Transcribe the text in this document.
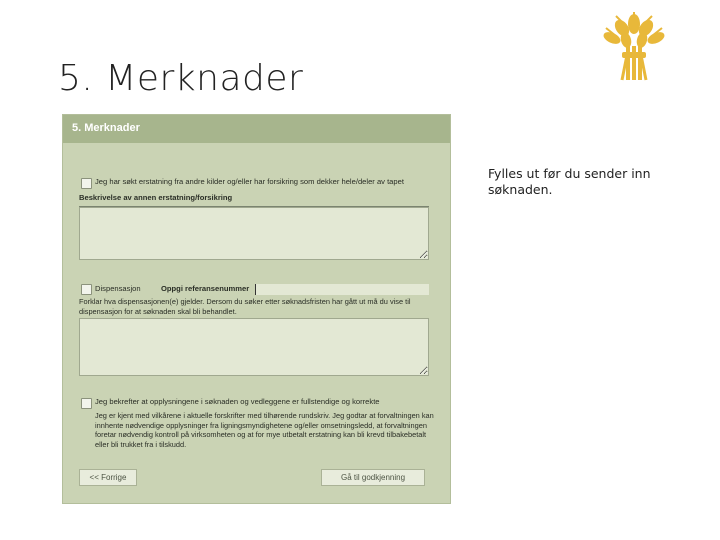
5. Merknader
Fylles ut før du sender inn søknaden.
5. Merknader
Jeg har søkt erstatning fra andre kilder og/eller har forsikring som dekker hele/deler av tapet
Beskrivelse av annen erstatning/forsikring
Dispensasjon	Oppgi referansenummer
Forklar hva dispensasjonen(e) gjelder. Dersom du søker etter søknadsfristen har gått ut må du vise til dispensasjon for at søknaden skal bli behandlet.
Jeg bekrefter at opplysningene i søknaden og vedleggene er fullstendige og korrekte
Jeg er kjent med vilkårene i aktuelle forskrifter med tilhørende rundskriv. Jeg godtar at forvaltningen kan innhente nødvendige opplysninger fra ligningsmyndighetene og/eller omsetningsledd, at forvaltningen foretar nødvendig kontroll på virksomheten og at for mye utbetalt erstatning kan bli krevd tilbakebetalt eller bli trukket fra i tilskudd.
<< Forrige	Gå til godkjenning
